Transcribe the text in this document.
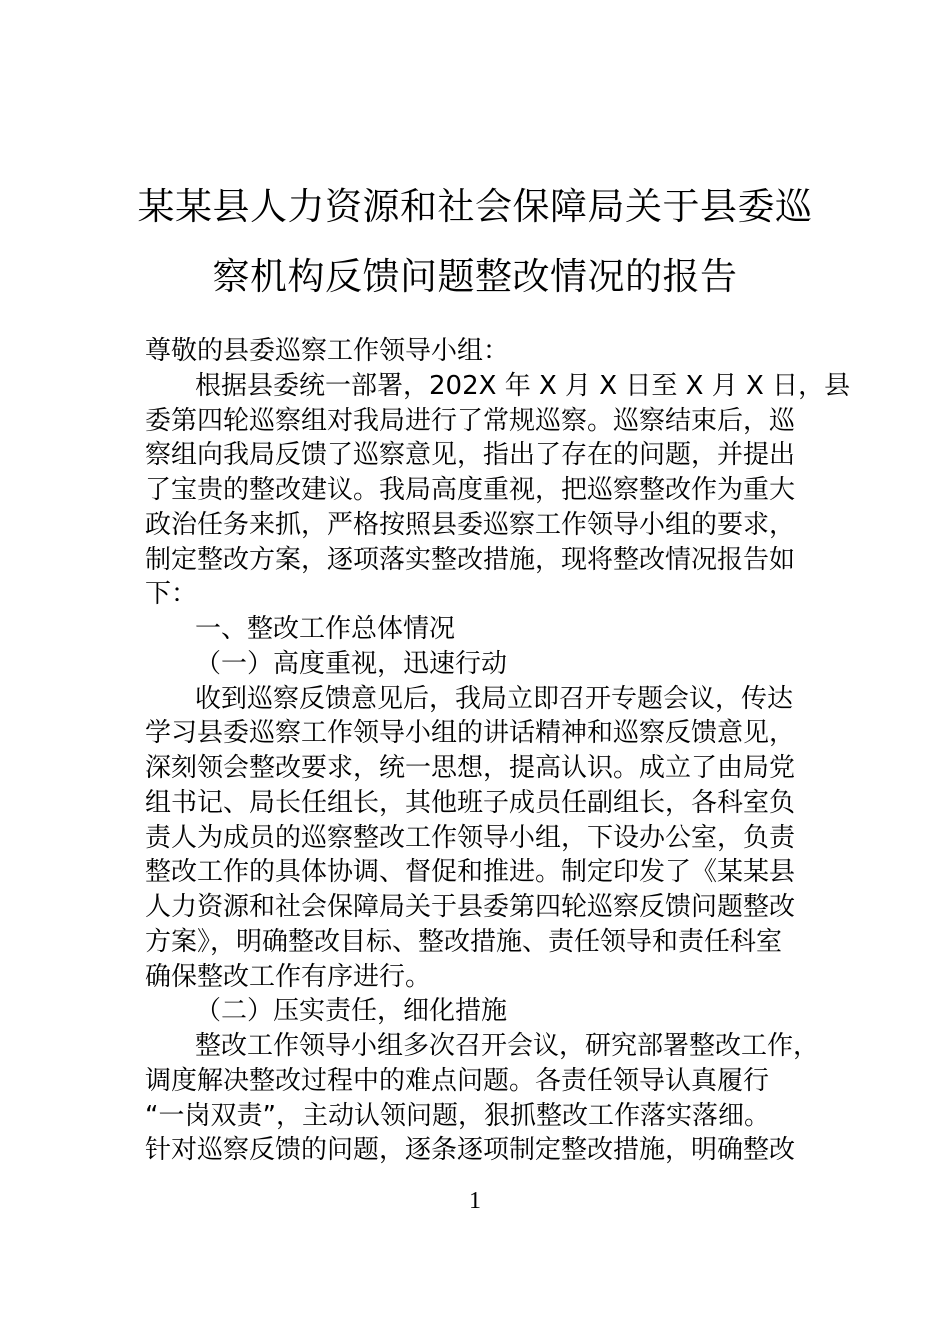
某某县人力资源和社会保障局关于县委巡
察机构反馈问题整改情况的报告
尊敬的县委巡察工作领导小组：
根据县委统一部署，202X 年 X 月 X 日至 X 月 X 日，县
委第四轮巡察组对我局进行了常规巡察。巡察结束后，巡
察组向我局反馈了巡察意见，指出了存在的问题，并提出
了宝贵的整改建议。我局高度重视，把巡察整改作为重大
政治任务来抓，严格按照县委巡察工作领导小组的要求，
制定整改方案，逐项落实整改措施，现将整改情况报告如
下：
一、整改工作总体情况
（一）高度重视，迅速行动
收到巡察反馈意见后，我局立即召开专题会议，传达
学习县委巡察工作领导小组的讲话精神和巡察反馈意见，
深刻领会整改要求，统一思想，提高认识。成立了由局党
组书记、局长任组长，其他班子成员任副组长，各科室负
责人为成员的巡察整改工作领导小组，下设办公室，负责
整改工作的具体协调、督促和推进。制定印发了《某某县
人力资源和社会保障局关于县委第四轮巡察反馈问题整改
方案》，明确整改目标、整改措施、责任领导和责任科室
确保整改工作有序进行。
（二）压实责任，细化措施
整改工作领导小组多次召开会议，研究部署整改工作，
调度解决整改过程中的难点问题。各责任领导认真履行
“一岗双责”，主动认领问题，狠抓整改工作落实落细。
针对巡察反馈的问题，逐条逐项制定整改措施，明确整改
1
